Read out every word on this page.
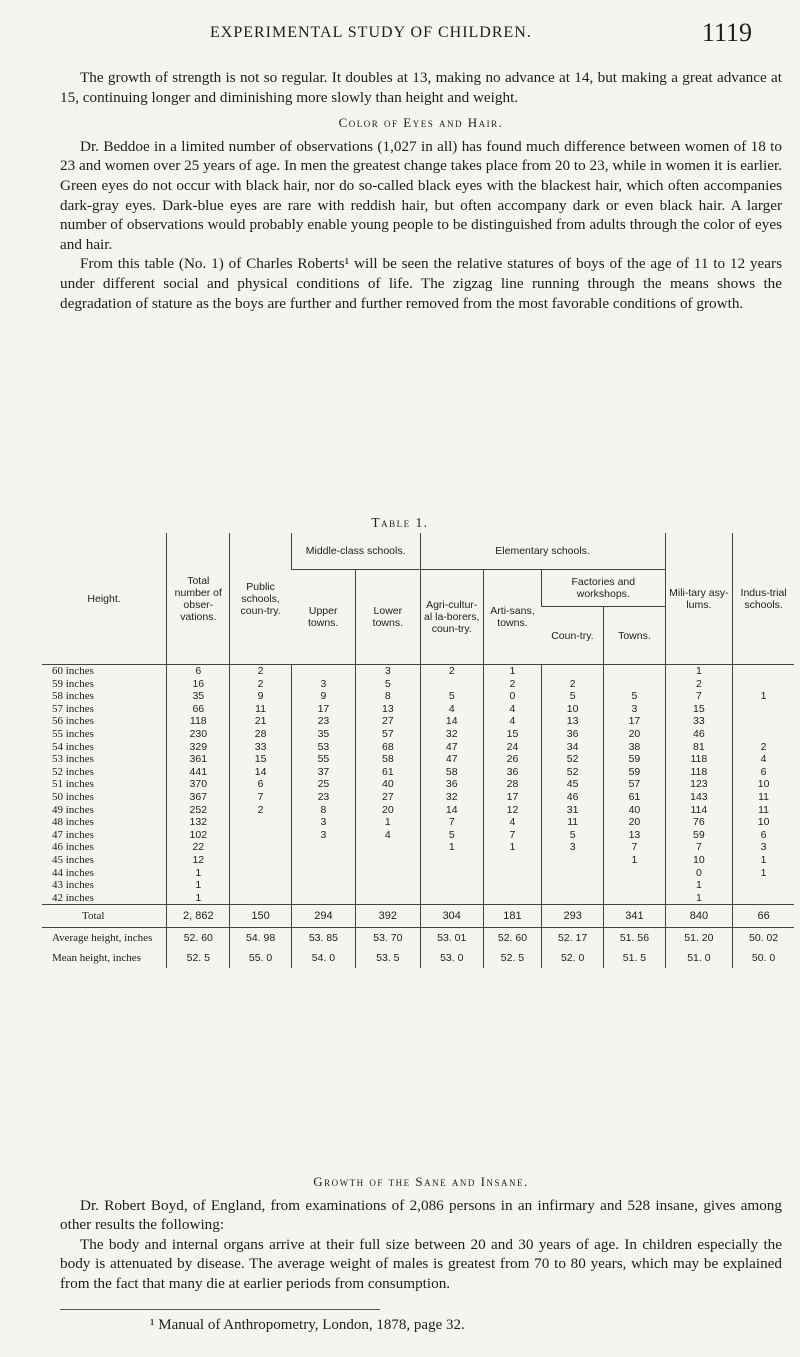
EXPERIMENTAL STUDY OF CHILDREN.	1119

The growth of strength is not so regular. It doubles at 13, making no advance at 14, but making a great advance at 15, continuing longer and diminishing more slowly than height and weight.

Color of Eyes and Hair.

Dr. Beddoe in a limited number of observations (1,027 in all) has found much difference between women of 18 to 23 and women over 25 years of age. In men the greatest change takes place from 20 to 23, while in women it is earlier. Green eyes do not occur with black hair, nor do so-called black eyes with the blackest hair, which often accompanies dark-gray eyes. Dark-blue eyes are rare with reddish hair, but often accompany dark or even black hair. A larger number of observations would probably enable young people to be distinguished from adults through the color of eyes and hair.

From this table (No. 1) of Charles Roberts¹ will be seen the relative statures of boys of the age of 11 to 12 years under different social and physical conditions of life. The zigzag line running through the means shows the degradation of stature as the boys are further and further removed from the most favorable conditions of growth.

Table 1.
Height.	Total number of obser-vations.	Public schools, coun-try.	Middle-class schools.		Elementary schools.				Mili-tary asy-lums.	Indus-trial schools.
			Upper towns.	Lower towns.	Agri-cultur-al la-borers, coun-try.	Arti-sans, towns.	Factories and workshops.			
							Coun-try.	Towns.		
60 inches	6	2		3	2	1			1	
59 inches	16	2	3	5		2	2		2	
58 inches	35	9	9	8	5	0	5	5	7	1
57 inches	66	11	17	13	4	4	10	3	15	
56 inches	118	21	23	27	14	4	13	17	33	
55 inches	230	28	35	57	32	15	36	20	46	
54 inches	329	33	53	68	47	24	34	38	81	2
53 inches	361	15	55	58	47	26	52	59	118	4
52 inches	441	14	37	61	58	36	52	59	118	6
51 inches	370	6	25	40	36	28	45	57	123	10
50 inches	367	7	23	27	32	17	46	61	143	11
49 inches	252	2	8	20	14	12	31	40	114	11
48 inches	132		3	1	7	4	11	20	76	10
47 inches	102		3	4	5	7	5	13	59	6
46 inches	22				1	1	3	7	7	3
45 inches	12							1	10	1
44 inches	1								0	1
43 inches	1								1	
42 inches	1								1	
Total	2, 862	150	294	392	304	181	293	341	840	66
Average height, inches	52. 60	54. 98	53. 85	53. 70	53. 01	52. 60	52. 17	51. 56	51. 20	50. 02
Mean height, inches	52. 5	55. 0	54. 0	53. 5	53. 0	52. 5	52. 0	51. 5	51. 0	50. 0
Growth of the Sane and Insane.

Dr. Robert Boyd, of England, from examinations of 2,086 persons in an infirmary and 528 insane, gives among other results the following:

The body and internal organs arrive at their full size between 20 and 30 years of age. In children especially the body is attenuated by disease. The average weight of males is greatest from 70 to 80 years, which may be explained from the fact that many die at earlier periods from consumption.

¹ Manual of Anthropometry, London, 1878, page 32.
